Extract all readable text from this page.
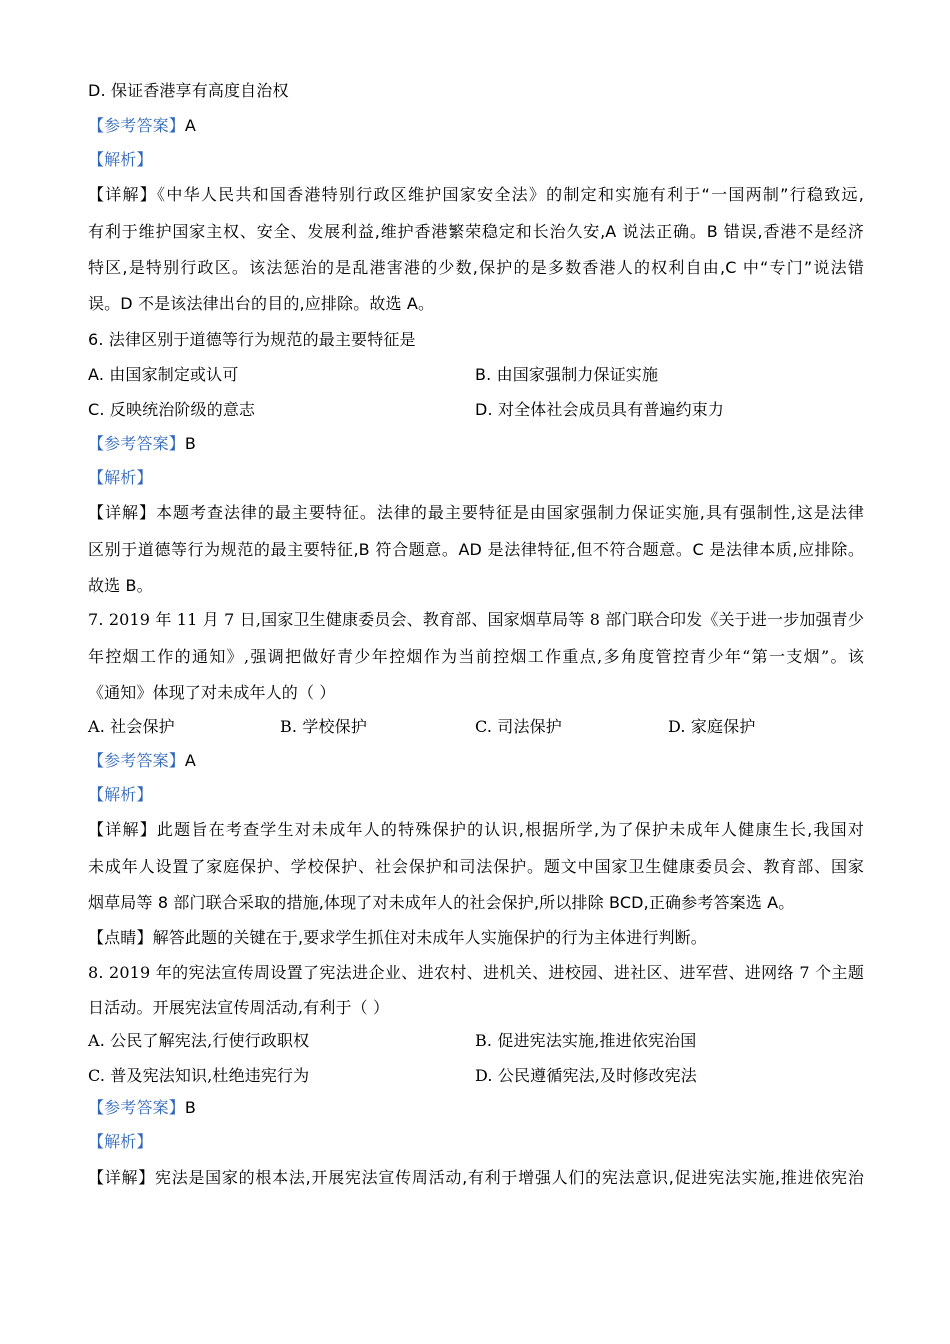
D. 保证香港享有高度自治权
【参考答案】A
【解析】
【详解】《中华人民共和国香港特别行政区维护国家安全法》的制定和实施有利于“一国两制”行稳致远,
有利于维护国家主权、安全、发展利益,维护香港繁荣稳定和长治久安,A 说法正确。B 错误,香港不是经济
特区,是特别行政区。该法惩治的是乱港害港的少数,保护的是多数香港人的权利自由,C 中“专门”说法错
误。D 不是该法律出台的目的,应排除。故选 A。
6. 法律区别于道德等行为规范的最主要特征是
A. 由国家制定或认可	B. 由国家强制力保证实施
C. 反映统治阶级的意志	D. 对全体社会成员具有普遍约束力
【参考答案】B
【解析】
【详解】本题考查法律的最主要特征。法律的最主要特征是由国家强制力保证实施,具有强制性,这是法律
区别于道德等行为规范的最主要特征,B 符合题意。AD 是法律特征,但不符合题意。C 是法律本质,应排除。
故选 B。
7. 2019 年 11 月 7 日,国家卫生健康委员会、教育部、国家烟草局等 8 部门联合印发《关于进一步加强青少
年控烟工作的通知》,强调把做好青少年控烟作为当前控烟工作重点,多角度管控青少年“第一支烟”。该
《通知》体现了对未成年人的（ ）
A. 社会保护	B. 学校保护	C. 司法保护	D. 家庭保护
【参考答案】A
【解析】
【详解】此题旨在考查学生对未成年人的特殊保护的认识,根据所学,为了保护未成年人健康生长,我国对
未成年人设置了家庭保护、学校保护、社会保护和司法保护。题文中国家卫生健康委员会、教育部、国家
烟草局等 8 部门联合采取的措施,体现了对未成年人的社会保护,所以排除 BCD,正确参考答案选 A。
【点睛】解答此题的关键在于,要求学生抓住对未成年人实施保护的行为主体进行判断。
8. 2019 年的宪法宣传周设置了宪法进企业、进农村、进机关、进校园、进社区、进军营、进网络 7 个主题
日活动。开展宪法宣传周活动,有利于（ ）
A. 公民了解宪法,行使行政职权	B. 促进宪法实施,推进依宪治国
C. 普及宪法知识,杜绝违宪行为	D. 公民遵循宪法,及时修改宪法
【参考答案】B
【解析】
【详解】宪法是国家的根本法,开展宪法宣传周活动,有利于增强人们的宪法意识,促进宪法实施,推进依宪治
